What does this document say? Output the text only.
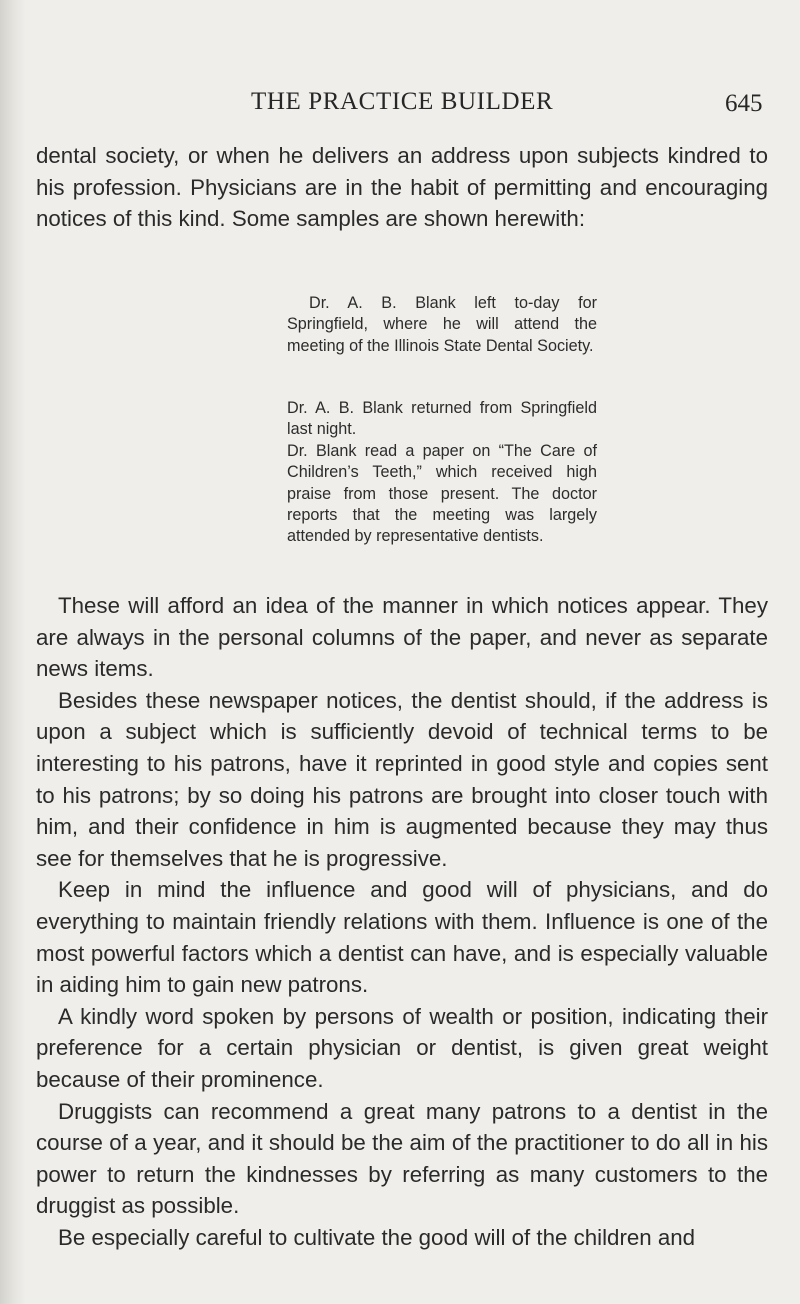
THE PRACTICE BUILDER	645

dental society, or when he delivers an address upon subjects kindred to his profession. Physicians are in the habit of permitting and encouraging notices of this kind. Some samples are shown herewith:

Dr. A. B. Blank left to-day for Springfield, where he will attend the meeting of the Illinois State Dental Society.

Dr. A. B. Blank returned from Springfield last night.

Dr. Blank read a paper on “The Care of Children’s Teeth,” which received high praise from those present. The doctor reports that the meeting was largely attended by representative dentists.

These will afford an idea of the manner in which notices appear. They are always in the personal columns of the paper, and never as separate news items.

Besides these newspaper notices, the dentist should, if the address is upon a subject which is sufficiently devoid of technical terms to be interesting to his patrons, have it reprinted in good style and copies sent to his patrons; by so doing his patrons are brought into closer touch with him, and their confidence in him is augmented because they may thus see for themselves that he is progressive.

Keep in mind the influence and good will of physicians, and do everything to maintain friendly relations with them. Influence is one of the most powerful factors which a dentist can have, and is especially valuable in aiding him to gain new patrons.

A kindly word spoken by persons of wealth or position, indicating their preference for a certain physician or dentist, is given great weight because of their prominence.

Druggists can recommend a great many patrons to a dentist in the course of a year, and it should be the aim of the practitioner to do all in his power to return the kindnesses by referring as many customers to the druggist as possible.

Be especially careful to cultivate the good will of the children and
